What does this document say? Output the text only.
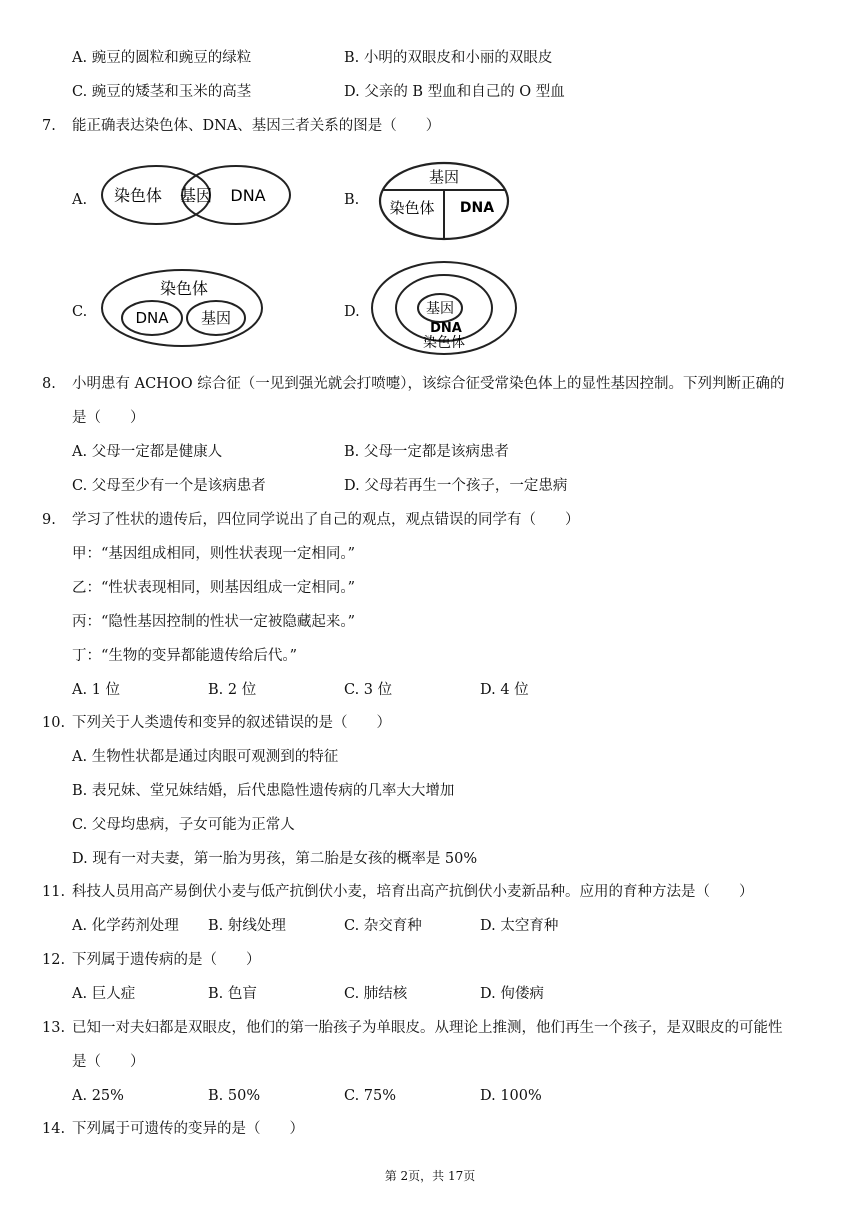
A. 豌豆的圆粒和豌豆的绿粒	B. 小明的双眼皮和小丽的双眼皮
C. 豌豆的矮茎和玉米的高茎	D. 父亲的 B 型血和自己的 O 型血
7. 能正确表达染色体、DNA、基因三者关系的图是（　　）
A. 染色体 基因 DNA	B.
基因
染色体 DNA
C.
染色体
DNA 基因	D.	基因
DNA
染色体
8. 小明患有 ACHOO 综合征（一见到强光就会打喷嚏），该综合征受常染色体上的显性基因控制。下列判断正确的
是（　　）
A. 父母一定都是健康人	B. 父母一定都是该病患者
C. 父母至少有一个是该病患者	D. 父母若再生一个孩子，一定患病
9. 学习了性状的遗传后，四位同学说出了自己的观点，观点错误的同学有（　　）
甲：“基因组成相同，则性状表现一定相同。”
乙：“性状表现相同，则基因组成一定相同。”
丙：“隐性基因控制的性状一定被隐藏起来。”
丁：“生物的变异都能遗传给后代。”
A. 1 位	B. 2 位	C. 3 位	D. 4 位
10. 下列关于人类遗传和变异的叙述错误的是（　　）
A. 生物性状都是通过肉眼可观测到的特征
B. 表兄妹、堂兄妹结婚，后代患隐性遗传病的几率大大增加
C. 父母均患病，子女可能为正常人
D. 现有一对夫妻，第一胎为男孩，第二胎是女孩的概率是 50%
11. 科技人员用高产易倒伏小麦与低产抗倒伏小麦，培育出高产抗倒伏小麦新品种。应用的育种方法是（　　）
A. 化学药剂处理 B. 射线处理	C. 杂交育种	D. 太空育种
12. 下列属于遗传病的是（　　）
A. 巨人症	B. 色盲	C. 肺结核	D. 佝偻病
13. 已知一对夫妇都是双眼皮，他们的第一胎孩子为单眼皮。从理论上推测，他们再生一个孩子，是双眼皮的可能性
是（　　）
A. 25%	B. 50%	C. 75%	D. 100%
14. 下列属于可遗传的变异的是（　　）
第 2页，共 17页
